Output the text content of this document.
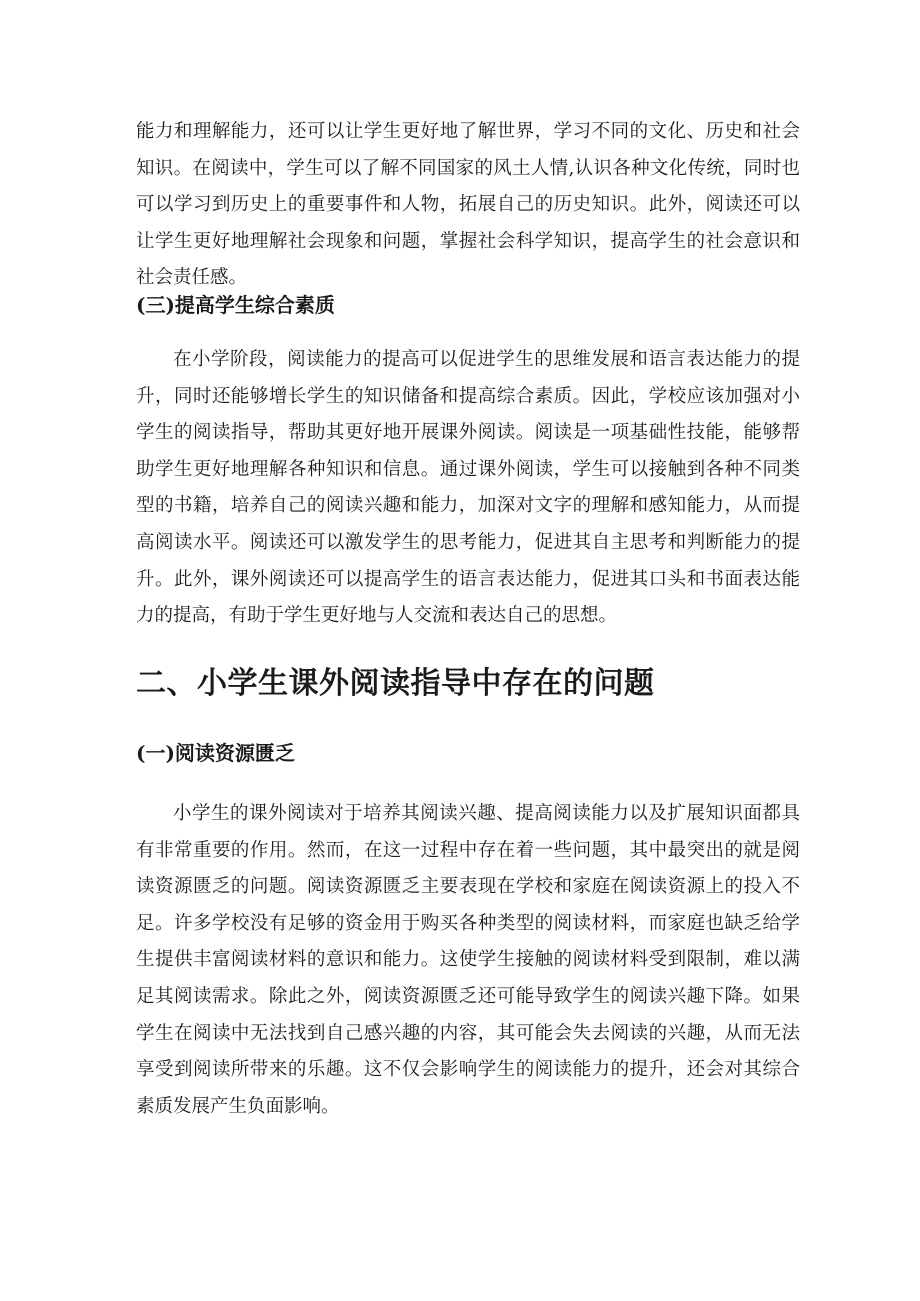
能力和理解能力，还可以让学生更好地了解世界，学习不同的文化、历史和社会知识。在阅读中，学生可以了解不同国家的风土人情,认识各种文化传统，同时也可以学习到历史上的重要事件和人物，拓展自己的历史知识。此外，阅读还可以让学生更好地理解社会现象和问题，掌握社会科学知识，提高学生的社会意识和社会责任感。

(三)提高学生综合素质

在小学阶段，阅读能力的提高可以促进学生的思维发展和语言表达能力的提升，同时还能够增长学生的知识储备和提高综合素质。因此，学校应该加强对小学生的阅读指导，帮助其更好地开展课外阅读。阅读是一项基础性技能，能够帮助学生更好地理解各种知识和信息。通过课外阅读，学生可以接触到各种不同类型的书籍，培养自己的阅读兴趣和能力，加深对文字的理解和感知能力，从而提高阅读水平。阅读还可以激发学生的思考能力，促进其自主思考和判断能力的提升。此外，课外阅读还可以提高学生的语言表达能力，促进其口头和书面表达能力的提高，有助于学生更好地与人交流和表达自己的思想。

二、小学生课外阅读指导中存在的问题
(一)阅读资源匮乏

小学生的课外阅读对于培养其阅读兴趣、提高阅读能力以及扩展知识面都具有非常重要的作用。然而，在这一过程中存在着一些问题，其中最突出的就是阅读资源匮乏的问题。阅读资源匮乏主要表现在学校和家庭在阅读资源上的投入不足。许多学校没有足够的资金用于购买各种类型的阅读材料，而家庭也缺乏给学生提供丰富阅读材料的意识和能力。这使学生接触的阅读材料受到限制，难以满足其阅读需求。除此之外，阅读资源匮乏还可能导致学生的阅读兴趣下降。如果学生在阅读中无法找到自己感兴趣的内容，其可能会失去阅读的兴趣，从而无法享受到阅读所带来的乐趣。这不仅会影响学生的阅读能力的提升，还会对其综合素质发展产生负面影响。
